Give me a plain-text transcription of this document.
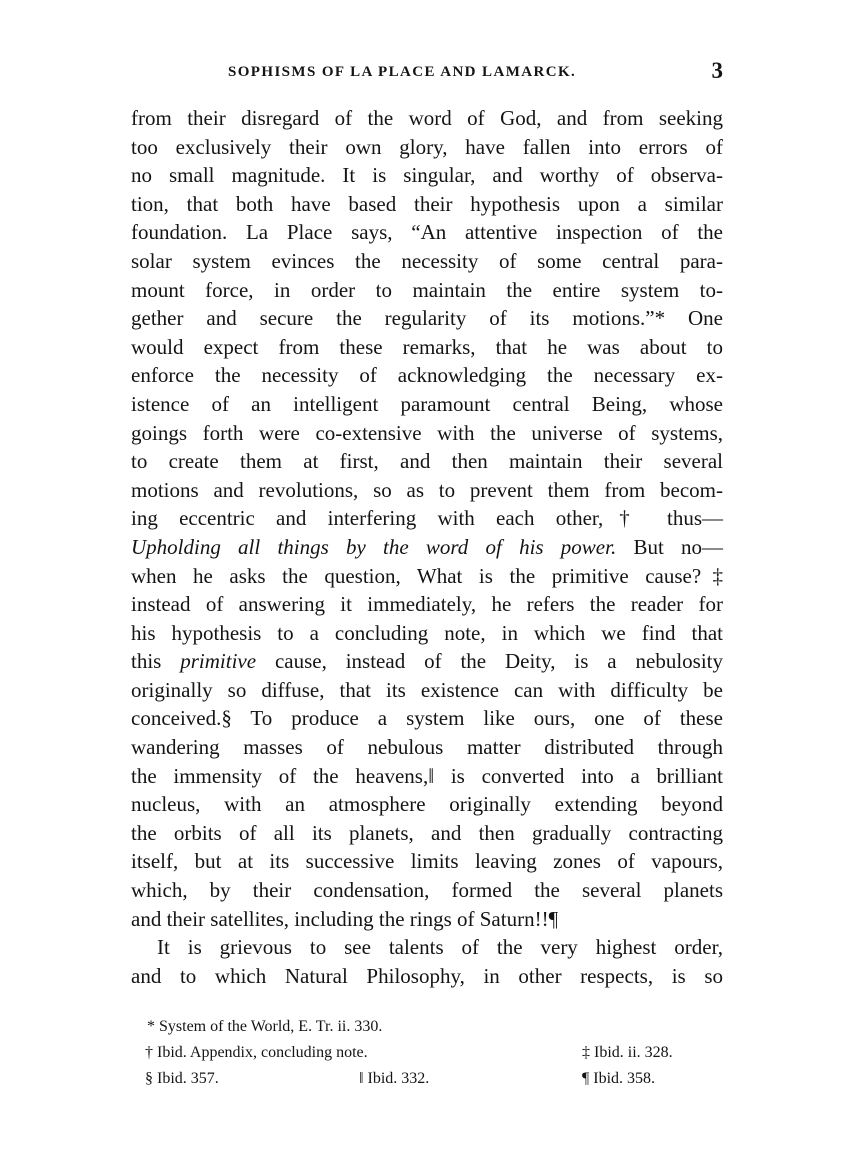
SOPHISMS OF LA PLACE AND LAMARCK.	3
from their disregard of the word of God, and from seeking
too exclusively their own glory, have fallen into errors of
no small magnitude. It is singular, and worthy of observa-
tion, that both have based their hypothesis upon a similar
foundation. La Place says, “An attentive inspection of the
solar system evinces the necessity of some central para-
mount force, in order to maintain the entire system to-
gether and secure the regularity of its motions.”* One
would expect from these remarks, that he was about to
enforce the necessity of acknowledging the necessary ex-
istence of an intelligent paramount central Being, whose
goings forth were co-extensive with the universe of systems,
to create them at first, and then maintain their several
motions and revolutions, so as to prevent them from becom-
ing eccentric and interfering with each other,† thus—
Upholding all things by the word of his power. But no—
when he asks the question, What is the primitive cause?‡
instead of answering it immediately, he refers the reader for
his hypothesis to a concluding note, in which we find that
this primitive cause, instead of the Deity, is a nebulosity
originally so diffuse, that its existence can with difficulty be
conceived.§ To produce a system like ours, one of these
wandering masses of nebulous matter distributed through
the immensity of the heavens,‖ is converted into a brilliant
nucleus, with an atmosphere originally extending beyond
the orbits of all its planets, and then gradually contracting
itself, but at its successive limits leaving zones of vapours,
which, by their condensation, formed the several planets
and their satellites, including the rings of Saturn!!¶
It is grievous to see talents of the very highest order,
and to which Natural Philosophy, in other respects, is so
* System of the World, E. Tr. ii. 330.
† Ibid. Appendix, concluding note.	‡ Ibid. ii. 328.
§ Ibid. 357.	‖ Ibid. 332.	¶ Ibid. 358.
